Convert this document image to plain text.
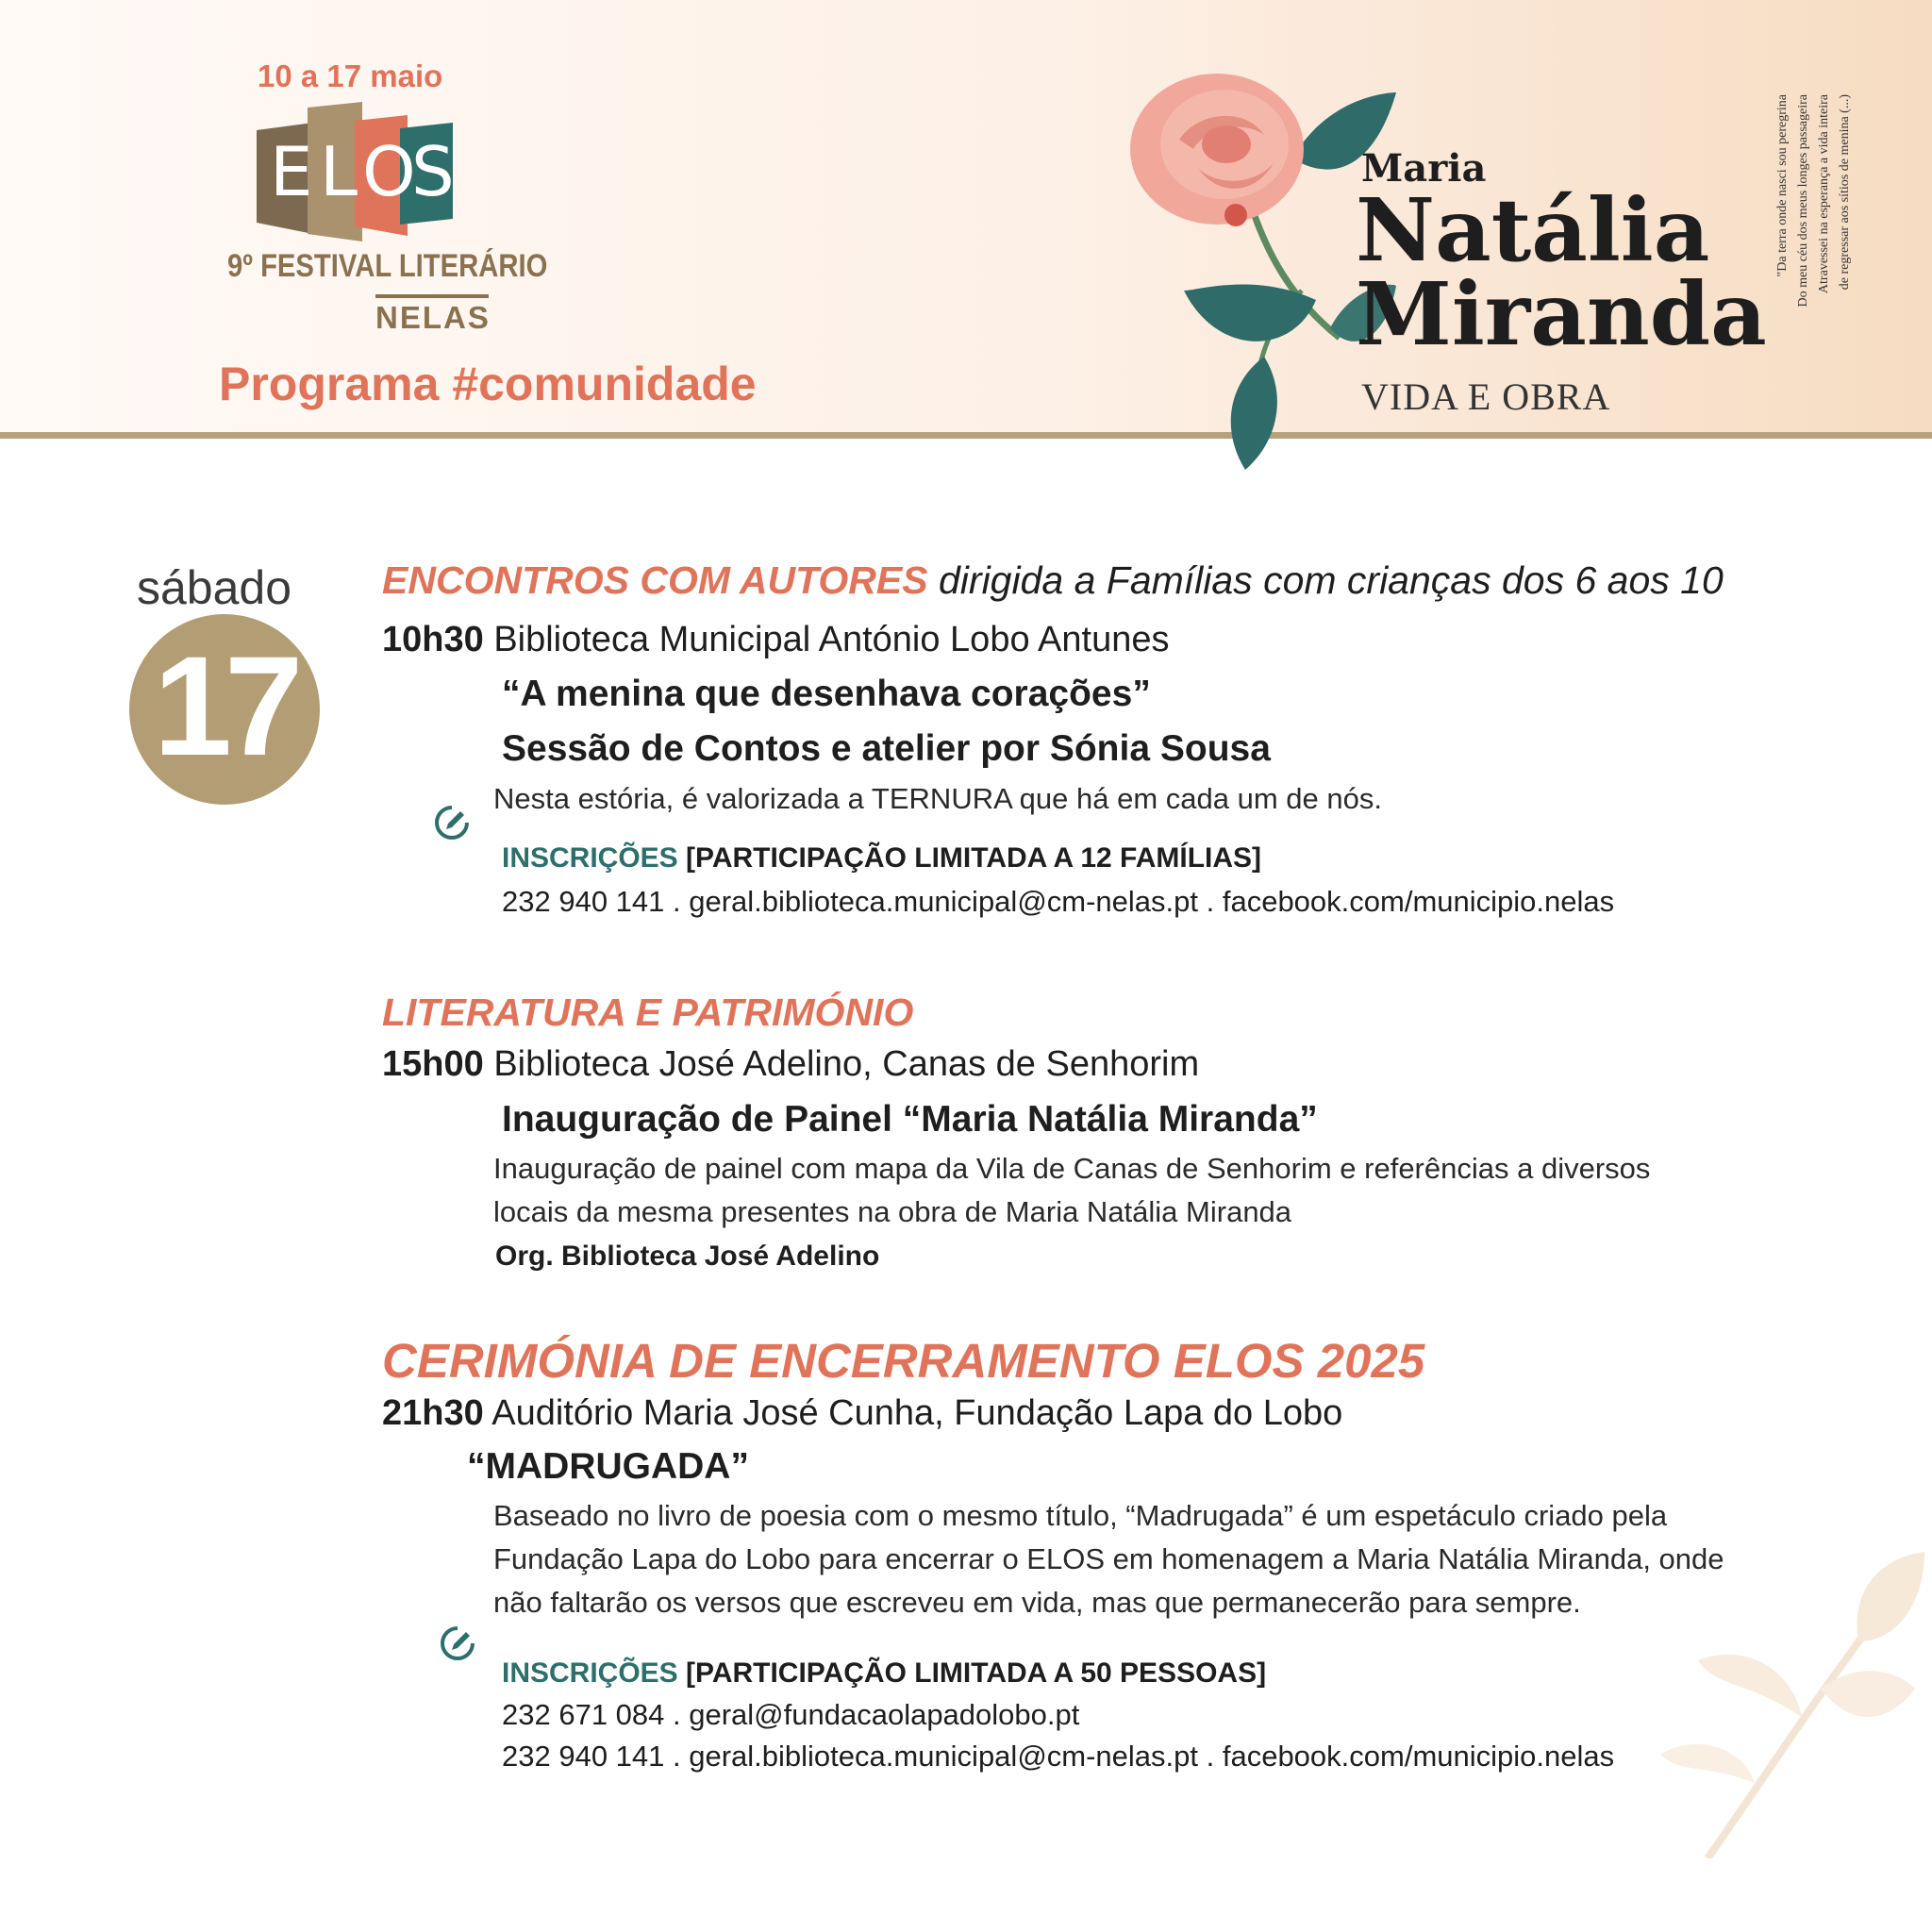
10 a 17 maio
E L O
S
9º FESTIVAL LITERÁRIO
NELAS
Programa #comunidade
Maria
Natália
Miranda
VIDA E OBRA
"Da terra onde nasci sou peregrina Do meu céu dos meus longes passageira Atravessei na esperança a vida inteira de regressar aos sítios de menina (...)
sábado
17
ENCONTROS COM AUTORES dirigida a Famílias com crianças dos 6 aos 10
10h30 Biblioteca Municipal António Lobo Antunes
“A menina que desenhava corações”
Sessão de Contos e atelier por Sónia Sousa
Nesta estória, é valorizada a TERNURA que há em cada um de nós.
INSCRIÇÕES [PARTICIPAÇÃO LIMITADA A 12 FAMÍLIAS]
232 940 141 . geral.biblioteca.municipal@cm-nelas.pt . facebook.com/municipio.nelas
LITERATURA E PATRIMÓNIO
15h00 Biblioteca José Adelino, Canas de Senhorim
Inauguração de Painel “Maria Natália Miranda”
Inauguração de painel com mapa da Vila de Canas de Senhorim e referências a diversos
locais da mesma presentes na obra de Maria Natália Miranda
Org. Biblioteca José Adelino
CERIMÓNIA DE ENCERRAMENTO ELOS 2025
21h30 Auditório Maria José Cunha, Fundação Lapa do Lobo
“MADRUGADA”
Baseado no livro de poesia com o mesmo título, “Madrugada” é um espetáculo criado pela
Fundação Lapa do Lobo para encerrar o ELOS em homenagem a Maria Natália Miranda, onde
não faltarão os versos que escreveu em vida, mas que permanecerão para sempre.
INSCRIÇÕES [PARTICIPAÇÃO LIMITADA A 50 PESSOAS]
232 671 084 . geral@fundacaolapadolobo.pt
232 940 141 . geral.biblioteca.municipal@cm-nelas.pt . facebook.com/municipio.nelas
